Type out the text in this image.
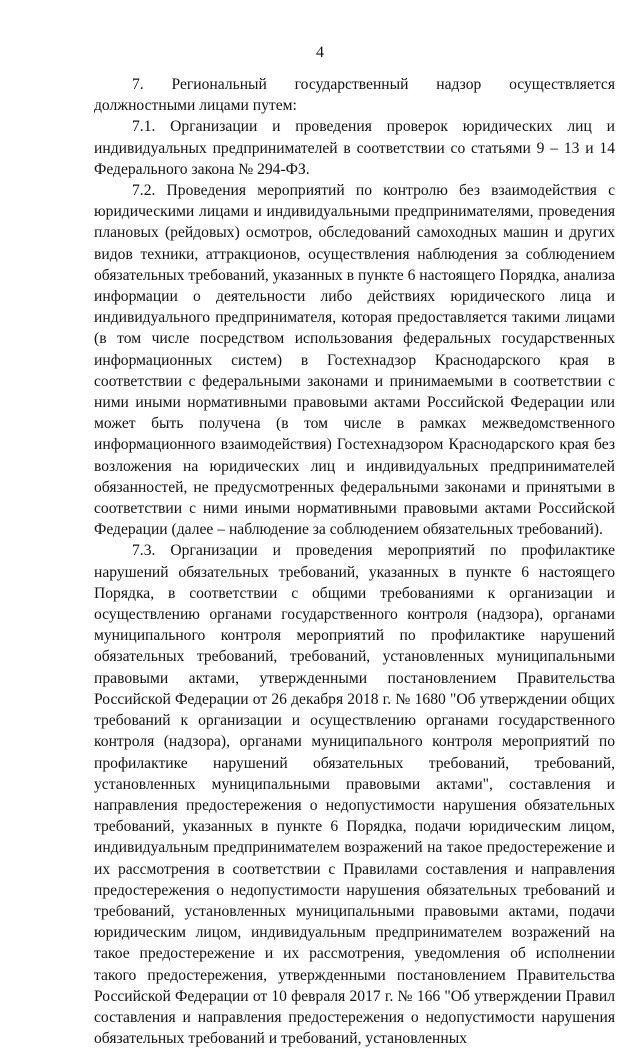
4

7. Региональный государственный надзор осуществляется должностными лицами путем:

7.1. Организации и проведения проверок юридических лиц и индивидуальных предпринимателей в соответствии со статьями 9 – 13 и 14 Федерального закона № 294-ФЗ.

7.2. Проведения мероприятий по контролю без взаимодействия с юридическими лицами и индивидуальными предпринимателями, проведения плановых (рейдовых) осмотров, обследований самоходных машин и других видов техники, аттракционов, осуществления наблюдения за соблюдением обязательных требований, указанных в пункте 6 настоящего Порядка, анализа информации о деятельности либо действиях юридического лица и индивидуального предпринимателя, которая предоставляется такими лицами (в том числе посредством использования федеральных государственных информационных систем) в Гостехнадзор Краснодарского края в соответствии с федеральными законами и принимаемыми в соответствии с ними иными нормативными правовыми актами Российской Федерации или может быть получена (в том числе в рамках межведомственного информационного взаимодействия) Гостехнадзором Краснодарского края без возложения на юридических лиц и индивидуальных предпринимателей обязанностей, не предусмотренных федеральными законами и принятыми в соответствии с ними иными нормативными правовыми актами Российской Федерации (далее – наблюдение за соблюдением обязательных требований).

7.3. Организации и проведения мероприятий по профилактике нарушений обязательных требований, указанных в пункте 6 настоящего Порядка, в соответствии с общими требованиями к организации и осуществлению органами государственного контроля (надзора), органами муниципального контроля мероприятий по профилактике нарушений обязательных требований, требований, установленных муниципальными правовыми актами, утвержденными постановлением Правительства Российской Федерации от 26 декабря 2018 г. № 1680 "Об утверждении общих требований к организации и осуществлению органами государственного контроля (надзора), органами муниципального контроля мероприятий по профилактике нарушений обязательных требований, требований, установленных муниципальными правовыми актами", составления и направления предостережения о недопустимости нарушения обязательных требований, указанных в пункте 6 Порядка, подачи юридическим лицом, индивидуальным предпринимателем возражений на такое предостережение и их рассмотрения в соответствии с Правилами составления и направления предостережения о недопустимости нарушения обязательных требований и требований, установленных муниципальными правовыми актами, подачи юридическим лицом, индивидуальным предпринимателем возражений на такое предостережение и их рассмотрения, уведомления об исполнении такого предостережения, утвержденными постановлением Правительства Российской Федерации от 10 февраля 2017 г. № 166 "Об утверждении Правил составления и направления предостережения о недопустимости нарушения обязательных требований и требований, установленных
